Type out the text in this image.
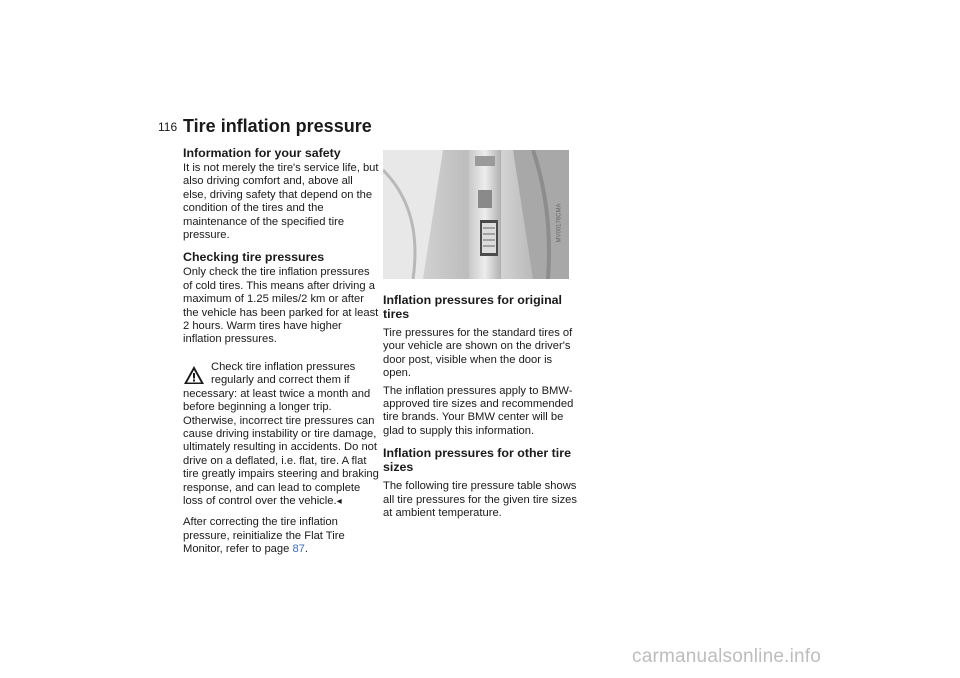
116 Tire inflation pressure
Information for your safety

It is not merely the tire's service life, but also driving comfort and, above all else, driving safety that depend on the condition of the tires and the maintenance of the specified tire pressure.

Checking tire pressures

Only check the tire inflation pressures of cold tires. This means after driving a maximum of 1.25 miles/2 km or after the vehicle has been parked for at least 2 hours. Warm tires have higher inflation pressures.

Check tire inflation pressures regularly and correct them if necessary: at least twice a month and before beginning a longer trip. Otherwise, incorrect tire pressures can cause driving instability or tire damage, ultimately resulting in accidents. Do not drive on a deflated, i.e. flat, tire. A flat tire greatly impairs steering and braking response, and can lead to complete loss of control over the vehicle.◂

After correcting the tire inflation pressure, reinitialize the Flat Tire Monitor, refer to page 87.

MV00176CMA
Inflation pressures for original tires

Tire pressures for the standard tires of your vehicle are shown on the driver's door post, visible when the door is open.

The inflation pressures apply to BMW-approved tire sizes and recommended tire brands. Your BMW center will be glad to supply this information.

Inflation pressures for other tire sizes

The following tire pressure table shows all tire pressures for the given tire sizes at ambient temperature.

carmanualsonline.info
